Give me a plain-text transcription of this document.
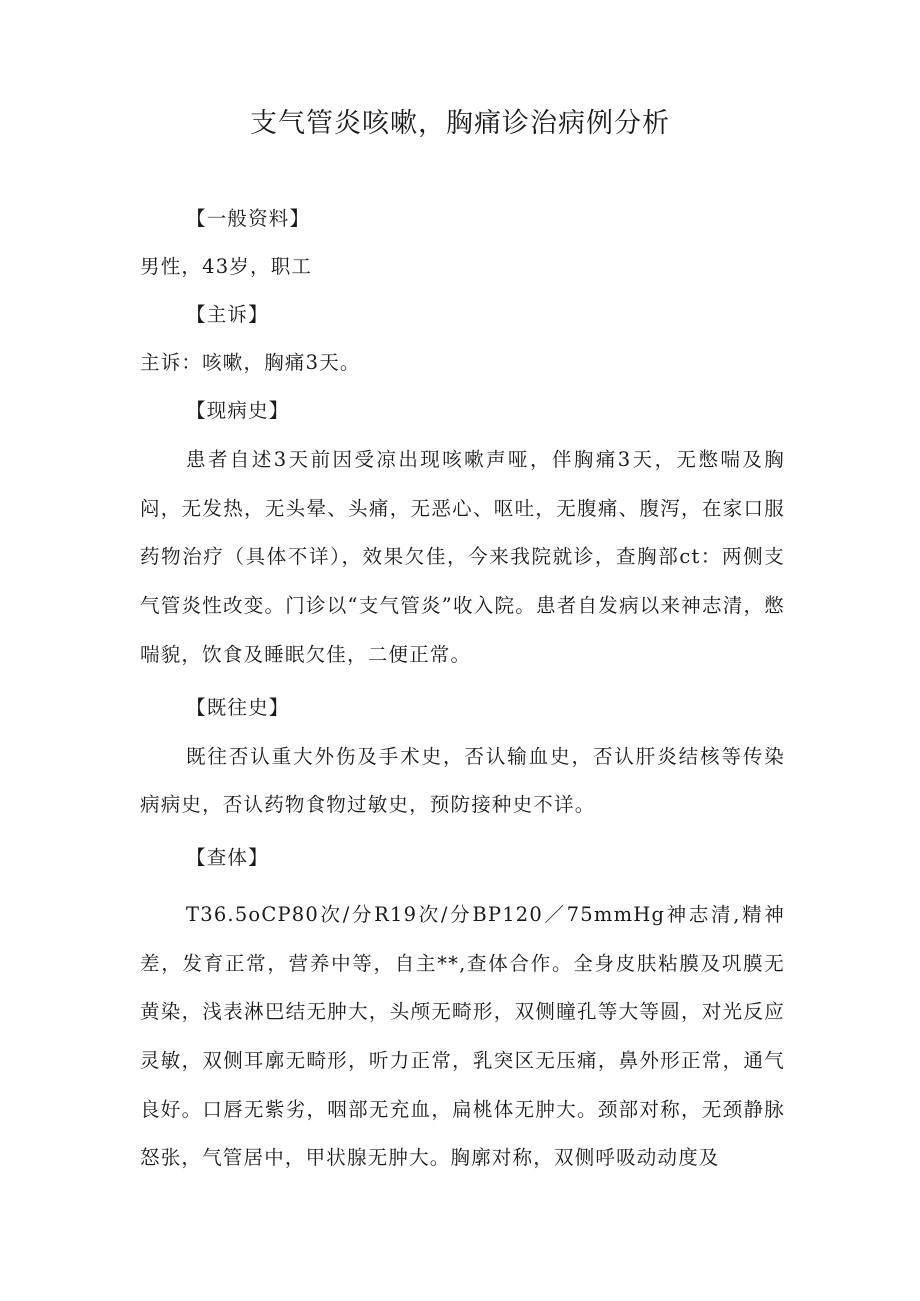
支气管炎咳嗽，胸痛诊治病例分析
【一般资料】

男性，43岁，职工

【主诉】

主诉：咳嗽，胸痛3天。

【现病史】

患者自述3天前因受凉出现咳嗽声哑，伴胸痛3天，无憋喘及胸闷，无发热，无头晕、头痛，无恶心、呕吐，无腹痛、腹泻，在家口服药物治疗（具体不详），效果欠佳，今来我院就诊，查胸部ct：两侧支气管炎性改变。门诊以“支气管炎”收入院。患者自发病以来神志清，憋喘貌，饮食及睡眠欠佳，二便正常。

【既往史】

既往否认重大外伤及手术史，否认输血史，否认肝炎结核等传染病病史，否认药物食物过敏史，预防接种史不详。

【查体】

T36.5oCP80次/分R19次/分BP120／75mmHg神志清,精神差，发育正常，营养中等，自主**,查体合作。全身皮肤粘膜及巩膜无黄染，浅表淋巴结无肿大，头颅无畸形，双侧瞳孔等大等圆，对光反应灵敏，双侧耳廓无畸形，听力正常，乳突区无压痛，鼻外形正常，通气良好。口唇无紫劣，咽部无充血，扁桃体无肿大。颈部对称，无颈静脉怒张，气管居中，甲状腺无肿大。胸廓对称，双侧呼吸动动度及
